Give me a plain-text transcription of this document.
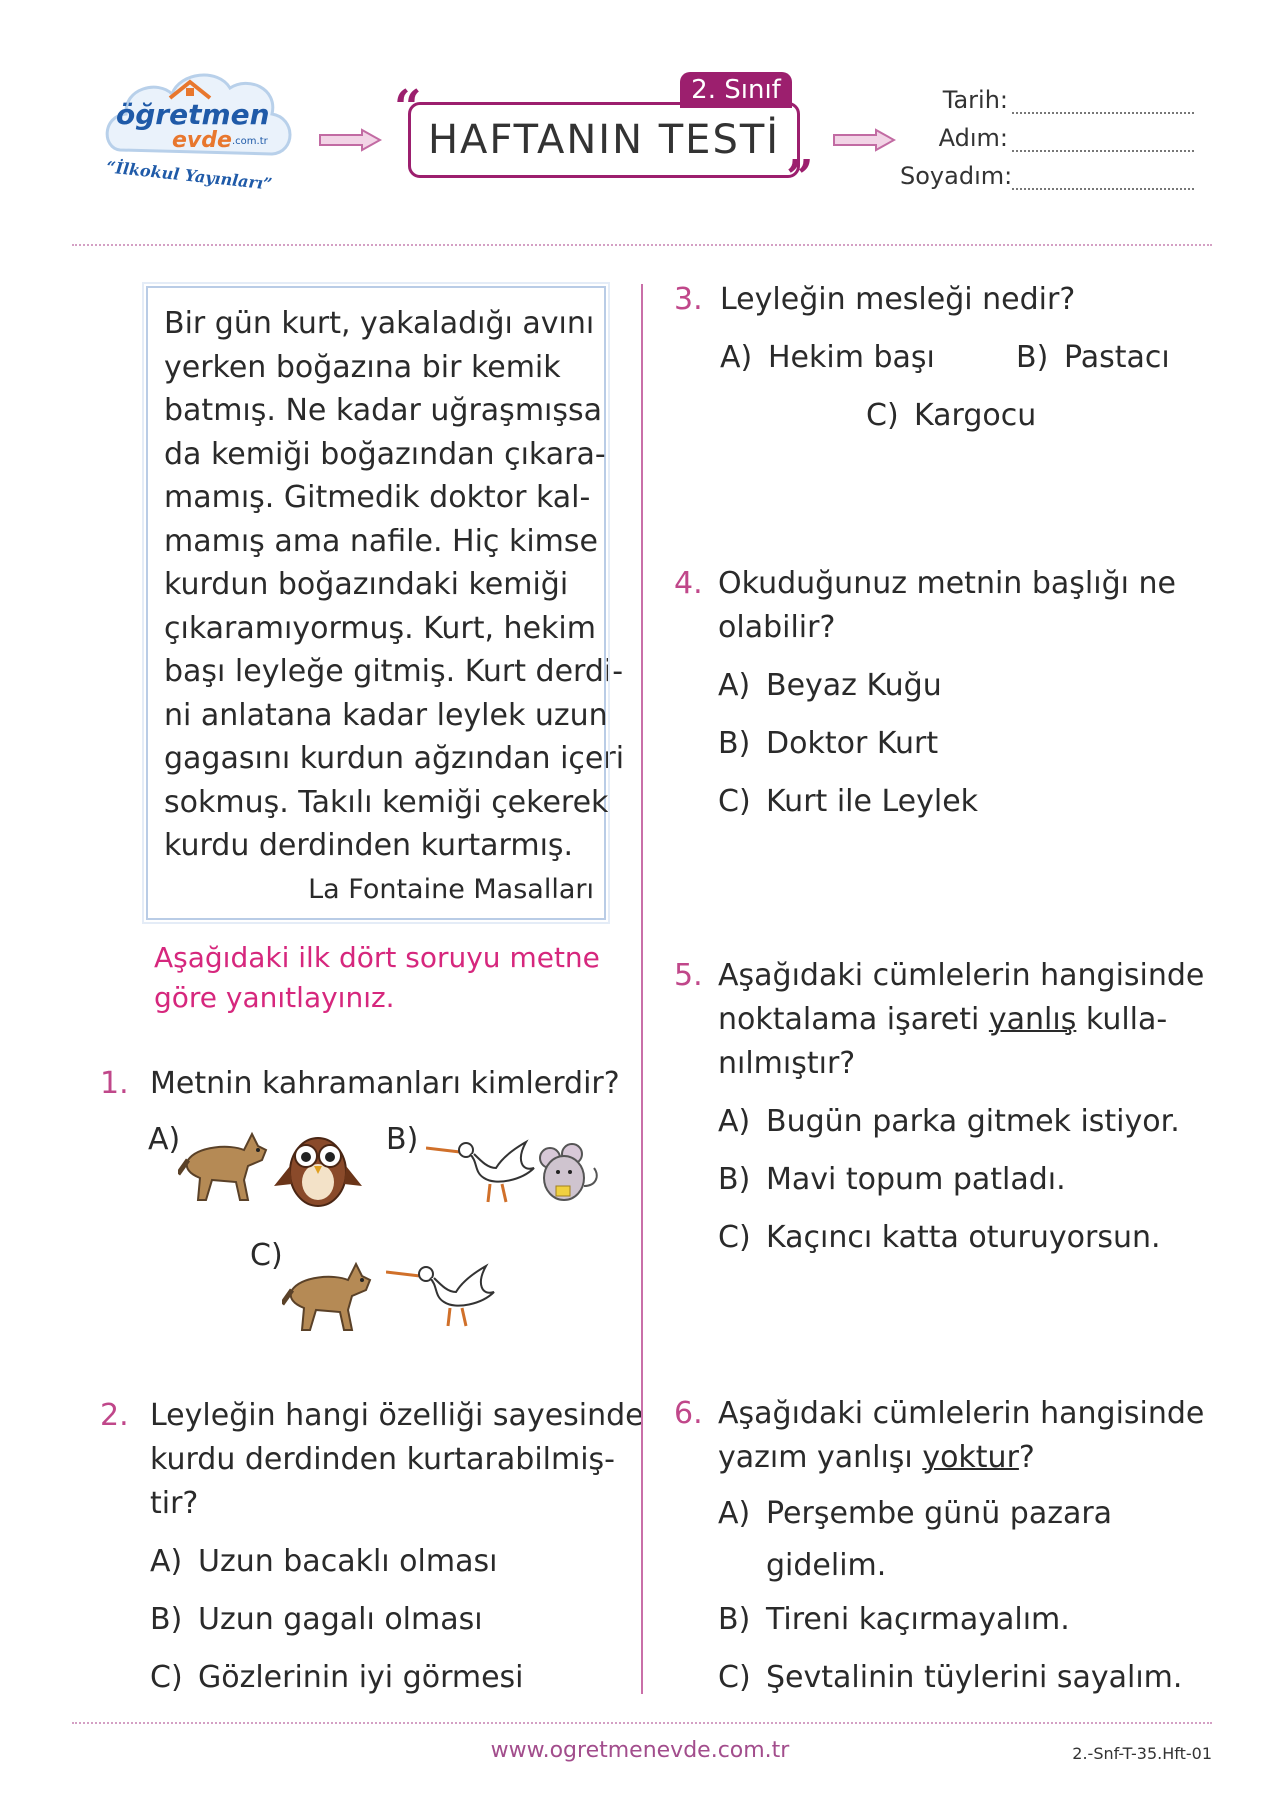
öğretmen
evde .com.tr
“İlkokul Yayınları”
“	2. Sınıf
HAFTANIN TESTİ
”
Tarih:
Adım:
Soyadım:
Bir gün kurt, yakaladığı avını
yerken boğazına bir kemik
batmış. Ne kadar uğraşmışsa
da kemiği boğazından çıkara-
mamış. Gitmedik doktor kal-
mamış ama nafile. Hiç kimse
kurdun boğazındaki kemiği
çıkaramıyormuş. Kurt, hekim
başı leyleğe gitmiş. Kurt derdi-
ni anlatana kadar leylek uzun
gagasını kurdun ağzından içeri
sokmuş. Takılı kemiği çekerek
kurdu derdinden kurtarmış.
La Fontaine Masalları
Aşağıdaki ilk dört soruyu metne
göre yanıtlayınız.
1. Metnin kahramanları kimlerdir?
A)	B)
C)
2. Leyleğin hangi özelliği sayesinde
kurdu derdinden kurtarabilmiş-
tir?
A) Uzun bacaklı olması
B) Uzun gagalı olması
C) Gözlerinin iyi görmesi
3. Leyleğin mesleği nedir?
A) Hekim başı	B) Pastacı
C) Kargocu
4. Okuduğunuz metnin başlığı ne
olabilir?
A) Beyaz Kuğu
B) Doktor Kurt
C) Kurt ile Leylek
5. Aşağıdaki cümlelerin hangisinde
noktalama işareti yanlış kulla-
nılmıştır?
A) Bugün parka gitmek istiyor.
B) Mavi topum patladı.
C) Kaçıncı katta oturuyorsun.
6. Aşağıdaki cümlelerin hangisinde
yazım yanlışı yoktur?
A) Perşembe günü pazara
gidelim.
B) Tireni kaçırmayalım.
C) Şevtalinin tüylerini sayalım.
www.ogretmenevde.com.tr	2.-Snf-T-35.Hft-01
